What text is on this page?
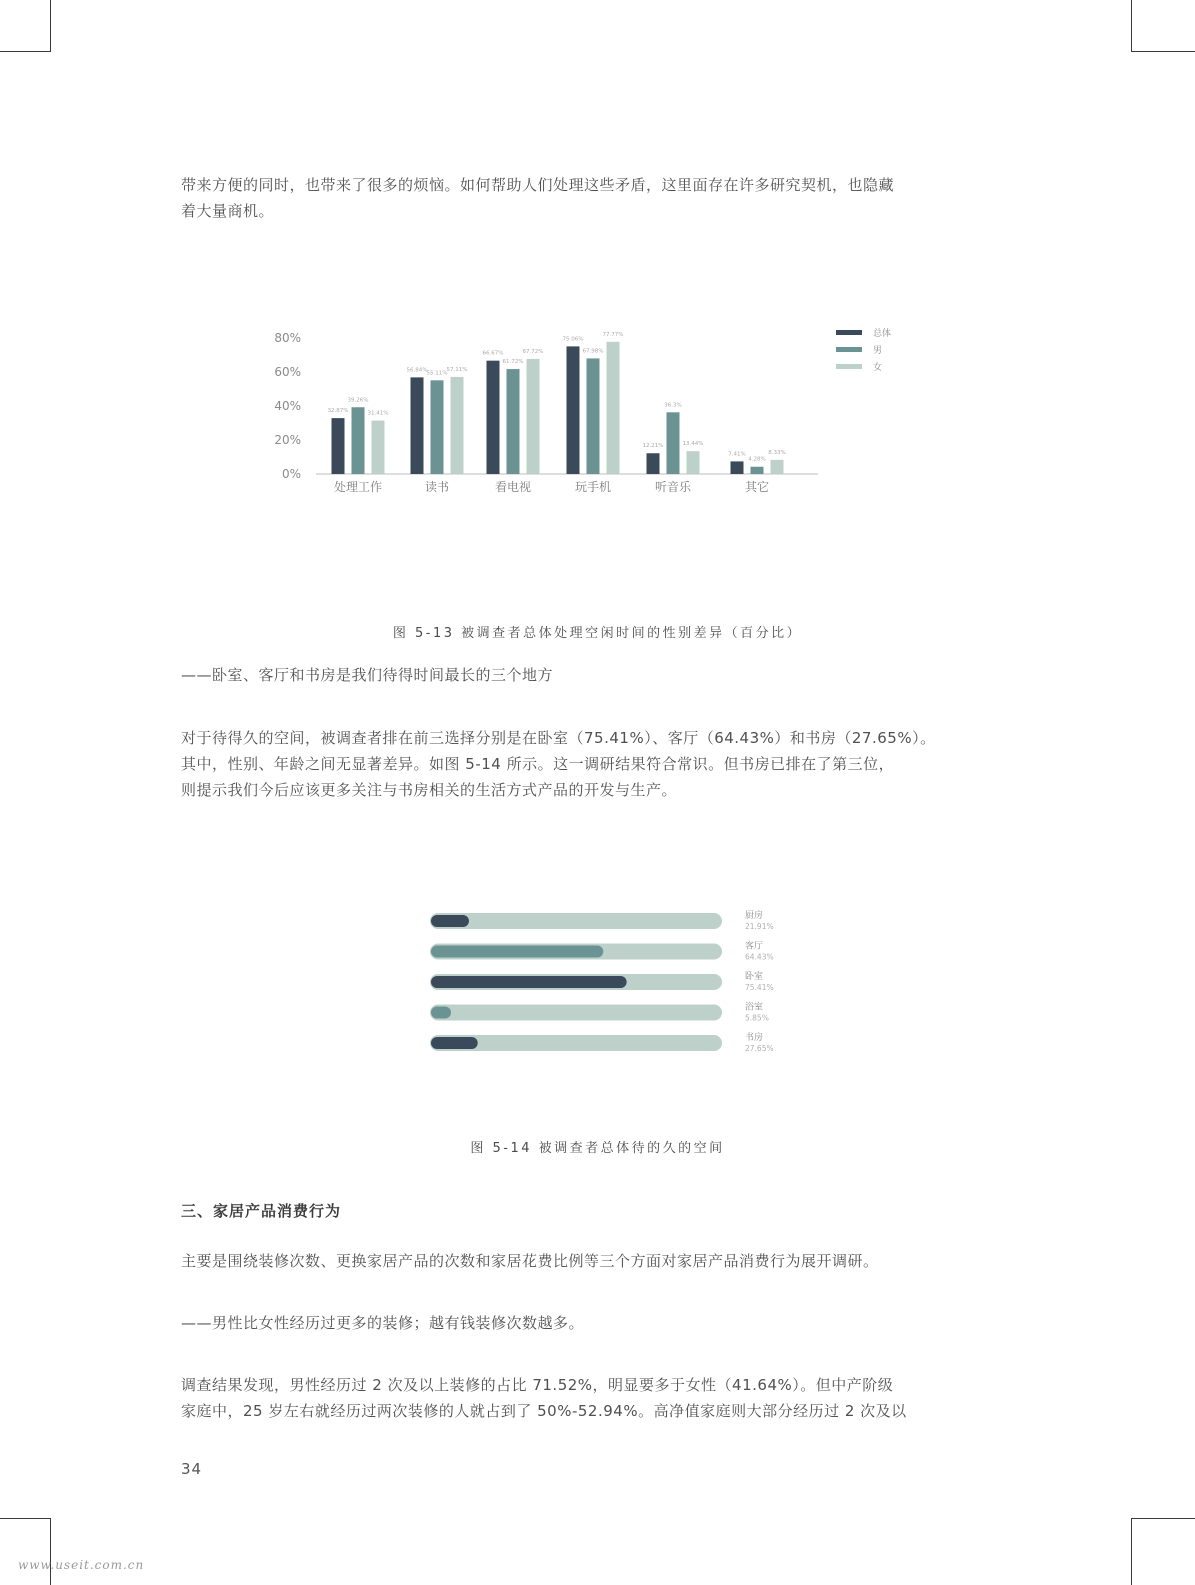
带来方便的同时，也带来了很多的烦恼。如何帮助人们处理这些矛盾，这里面存在许多研究契机，也隐藏

着大量商机。

0%
20%
40%
60%
80%
处理工作	读书	看电视	玩手机	听音乐	其它
32.87%
39.26%
31.41%
56.84% 55.11%
57.11%
66.67%
61.72%
67.72%
75.06%
67.98%
77.77%
12.21%
36.3%
13.44%
7.41%
4.28%
8.33%
总体
男
女
图 5-13 被调查者总体处理空闲时间的性别差异（百分比）

——卧室、客厅和书房是我们待得时间最长的三个地方

对于待得久的空间，被调查者排在前三选择分别是在卧室（75.41%）、客厅（64.43%）和书房（27.65%）。

其中，性别、年龄之间无显著差异。如图 5-14 所示。这一调研结果符合常识。但书房已排在了第三位，

则提示我们今后应该更多关注与书房相关的生活方式产品的开发与生产。

厨房
21.91%
客厅
64.43%
卧室
75.41%
浴室
5.85%
书房
27.65%
图 5-14 被调查者总体待的久的空间
三、家居产品消费行为

主要是围绕装修次数、更换家居产品的次数和家居花费比例等三个方面对家居产品消费行为展开调研。

——男性比女性经历过更多的装修；越有钱装修次数越多。

调查结果发现，男性经历过 2 次及以上装修的占比 71.52%，明显要多于女性（41.64%）。但中产阶级

家庭中，25 岁左右就经历过两次装修的人就占到了 50%-52.94%。高净值家庭则大部分经历过 2 次及以

34
www.useit.com.cn
